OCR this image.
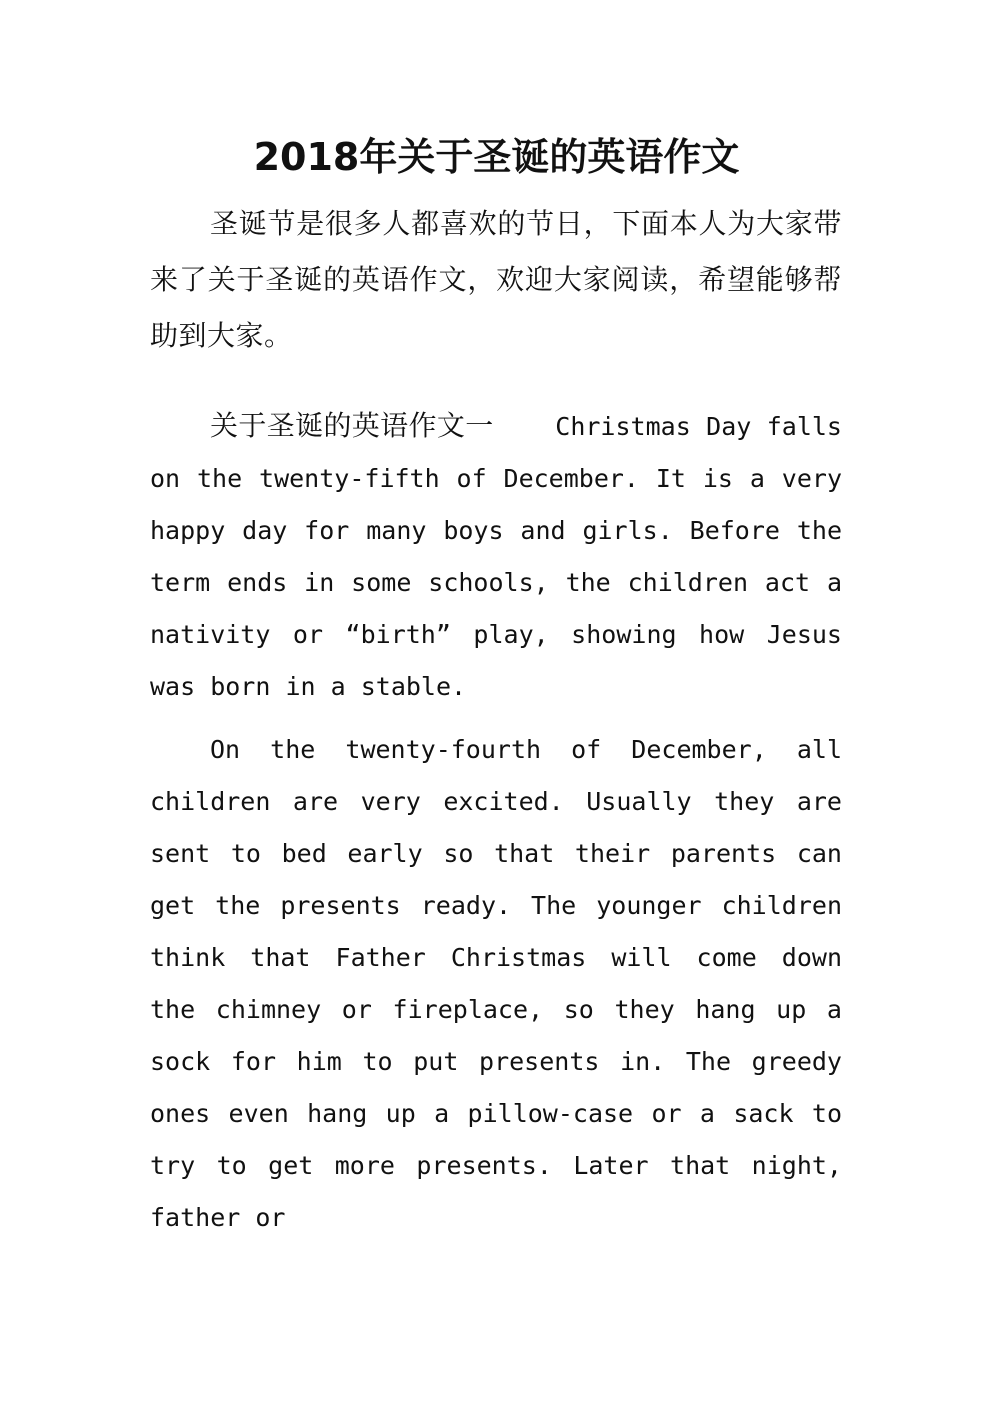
2018年关于圣诞的英语作文

圣诞节是很多人都喜欢的节日，下面本人为大家带来了关于圣诞的英语作文，欢迎大家阅读，希望能够帮助到大家。

关于圣诞的英语作文一 Christmas Day falls on the twenty-fifth of December. It is a very happy day for many boys and girls. Before the term ends in some schools, the children act a nativity or “birth” play, showing how Jesus was born in a stable.

On the twenty-fourth of December, all children are very excited. Usually they are sent to bed early so that their parents can get the presents ready. The younger children think that Father Christmas will come down the chimney or fireplace, so they hang up a sock for him to put presents in. The greedy ones even hang up a pillow-case or a sack to try to get more presents. Later that night, father or
